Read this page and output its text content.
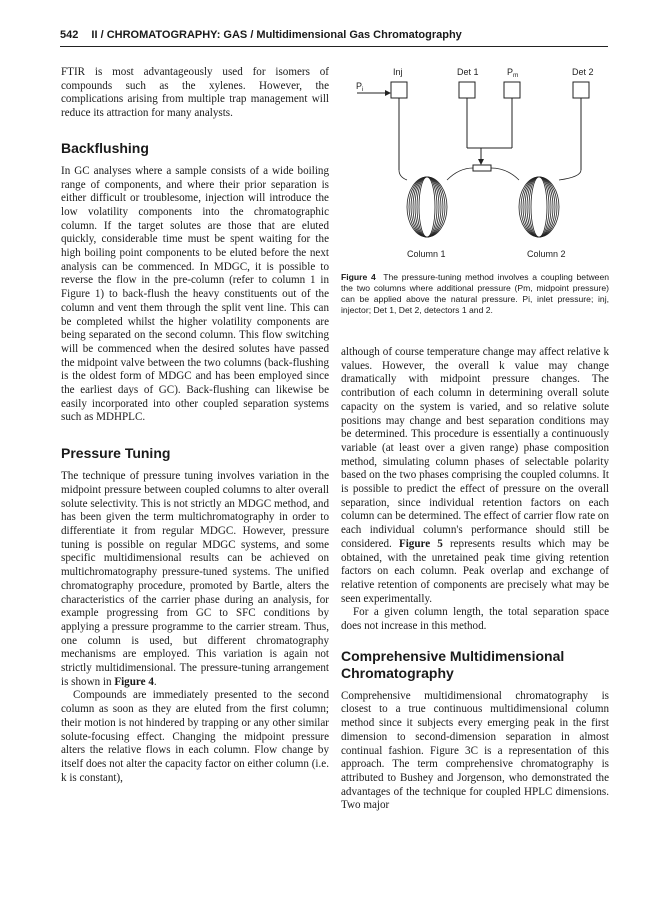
542 II / CHROMATOGRAPHY: GAS / Multidimensional Gas Chromatography

FTIR is most advantageously used for isomers of compounds such as the xylenes. However, the complications arising from multiple trap management will reduce its attraction for many analysts.

Backflushing

In GC analyses where a sample consists of a wide boiling range of components, and where their prior separation is either difficult or troublesome, injection will introduce the low volatility components into the chromatographic column. If the target solutes are those that are eluted quickly, considerable time must be spent waiting for the high boiling point components to be eluted before the next analysis can be commenced. In MDGC, it is possible to reverse the flow in the pre-column (refer to column 1 in Figure 1) to back-flush the heavy constituents out of the column and vent them through the split vent line. This can be completed whilst the higher volatility components are being separated on the second column. This flow switching will be commenced when the desired solutes have passed the midpoint valve between the two columns (back-flushing is the oldest form of MDGC and has been employed since the earliest days of GC). Back-flushing can likewise be easily incorporated into other coupled separation systems such as MDHPLC.

Pressure Tuning

The technique of pressure tuning involves variation in the midpoint pressure between coupled columns to alter overall solute selectivity. This is not strictly an MDGC method, and has been given the term multichromatography in order to differentiate it from regular MDGC. However, pressure tuning is possible on regular MDGC systems, and some specific multidimensional results can be achieved on multichromatography pressure-tuned systems. The unified chromatography procedure, promoted by Bartle, alters the characteristics of the carrier phase during an analysis, for example progressing from GC to SFC conditions by applying a pressure programme to the carrier stream. Thus, one column is used, but different chromatography mechanisms are employed. This variation is again not strictly multidimensional. The pressure-tuning arrangement is shown in Figure 4.

Compounds are immediately presented to the second column as soon as they are eluted from the first column; their motion is not hindered by trapping or any other similar solute-focusing effect. Changing the midpoint pressure alters the relative flows in each column. Flow change by itself does not alter the capacity factor on either column (i.e. k is constant),

Inj	Det 1	$P_m$	Det 2
$P_i$
Column 1	Column 2
Figure 4 The pressure-tuning method involves a coupling between the two columns where additional pressure (Pm, midpoint pressure) can be applied above the natural pressure. Pi, inlet pressure; inj, injector; Det 1, Det 2, detectors 1 and 2.

although of course temperature change may affect relative k values. However, the overall k value may change dramatically with midpoint pressure changes. The contribution of each column in determining overall solute capacity on the system is varied, and so relative solute positions may change and best separation conditions may be determined. This procedure is essentially a continuously variable (at least over a given range) phase composition method, simulating column phases of selectable polarity based on the two phases comprising the coupled columns. It is possible to predict the effect of pressure on the overall separation, since individual retention factors on each column can be determined. The effect of carrier flow rate on each individual column's performance should still be considered. Figure 5 represents results which may be obtained, with the unretained peak time giving retention factors on each column. Peak overlap and exchange of relative retention of components are precisely what may be seen experimentally.

For a given column length, the total separation space does not increase in this method.

Comprehensive Multidimensional Chromatography

Comprehensive multidimensional chromatography is closest to a true continuous multidimensional column method since it subjects every emerging peak in the first dimension to second-dimension separation in almost continual fashion. Figure 3C is a representation of this approach. The term comprehensive chromatography is attributed to Bushey and Jorgenson, who demonstrated the advantages of the technique for coupled HPLC dimensions. Two major
